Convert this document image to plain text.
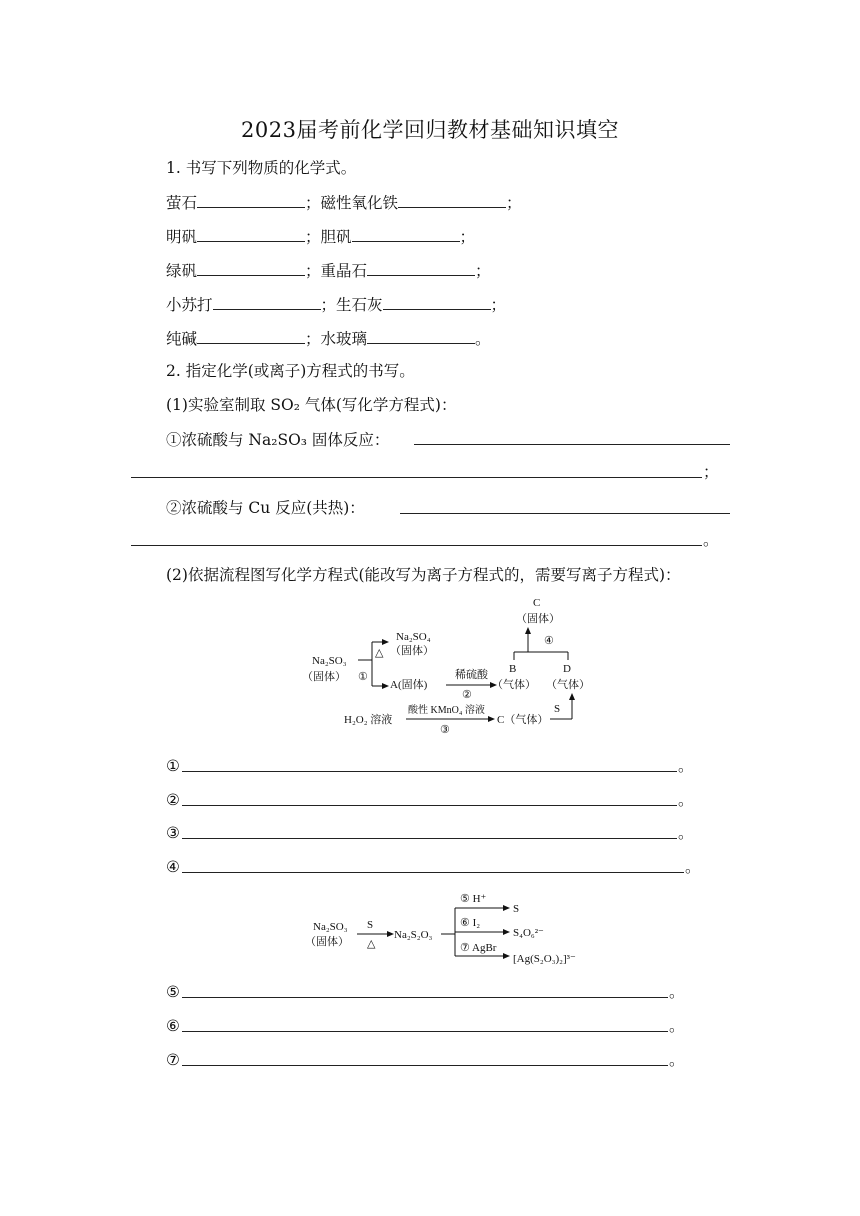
2023届考前化学回归教材基础知识填空
1. 书写下列物质的化学式。
萤石	；磁性氧化铁	；
明矾	；胆矾	；
绿矾	；重晶石	；
小苏打	；生石灰	；
纯碱	；水玻璃	。
2. 指定化学(或离子)方程式的书写。
(1)实验室制取 SO₂ 气体(写化学方程式)：
①浓硫酸与 Na₂SO₃ 固体反应：
；
②浓硫酸与 Cu 反应(共热)：
。
(2)依据流程图写化学方程式(能改写为离子方程式的，需要写离子方程式)：
Na₂SO₃
（固体）
△
①
Na₂SO₄
（固体）
A(固体)
稀硫酸
②
B
（气体）
D
（气体）
④
C
（固体）
H₂O₂ 溶液
酸性 KMnO₄ 溶液
③
C（气体）
S
①	。
②	。
③	。
④	。
Na₂SO₃
（固体）
S
△
Na₂S₂O₃
⑤ H⁺
S
⑥ I₂
S₄O₆²⁻
⑦ AgBr
[Ag(S₂O₃)₂]³⁻
⑤	。
⑥	。
⑦	。
